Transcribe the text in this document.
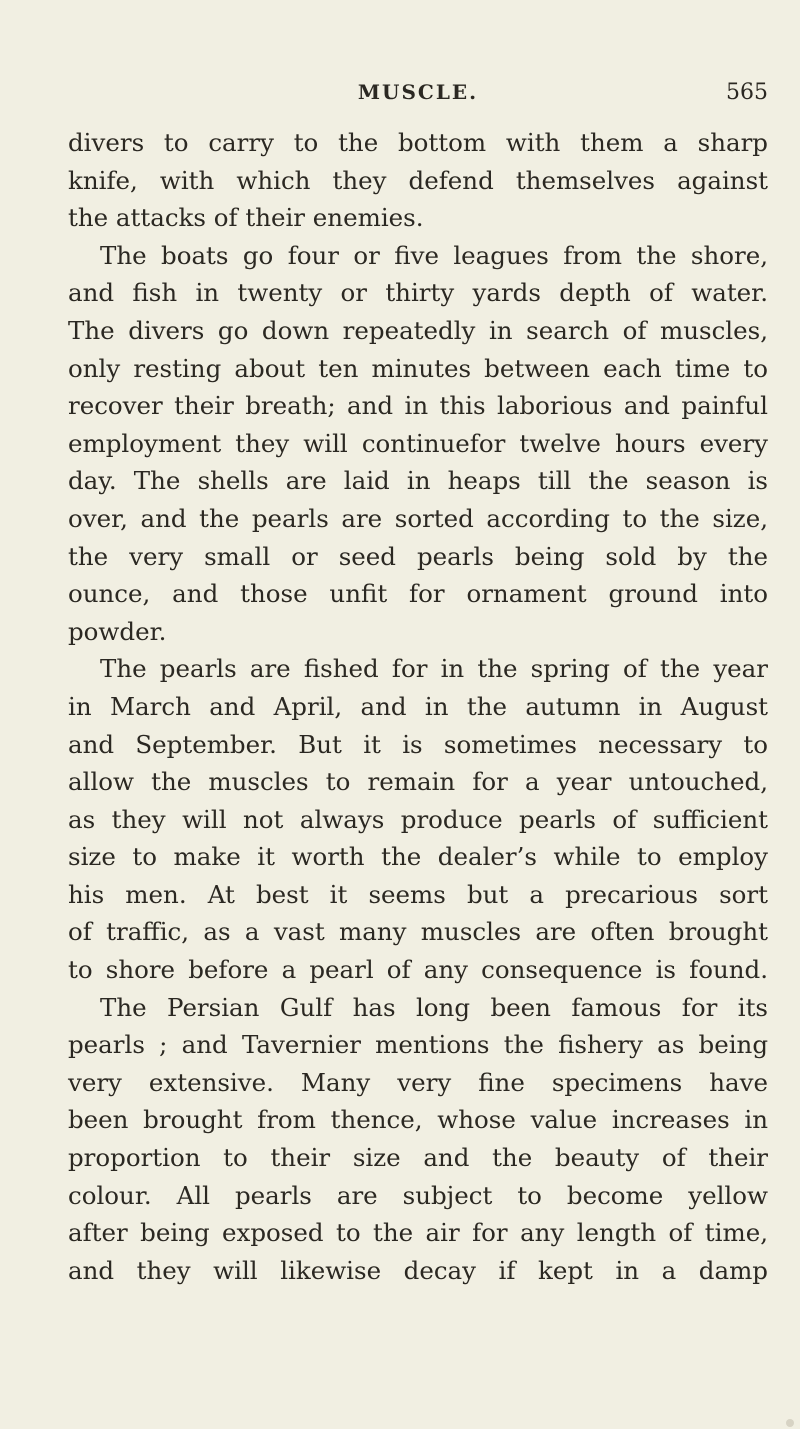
MUSCLE.	565
divers to carry to the bottom with them a sharp
knife, with which they defend themselves against
the attacks of their enemies.
The boats go four or five leagues from the shore,
and fish in twenty or thirty yards depth of water.
The divers go down repeatedly in search of muscles,
only resting about ten minutes between each time to
recover their breath; and in this laborious and painful
employment they will continuefor twelve hours every
day. The shells are laid in heaps till the season is
over, and the pearls are sorted according to the size,
the very small or seed pearls being sold by the
ounce, and those unfit for ornament ground into
powder.
The pearls are fished for in the spring of the year
in March and April, and in the autumn in August
and September. But it is sometimes necessary to
allow the muscles to remain for a year untouched,
as they will not always produce pearls of sufficient
size to make it worth the dealer’s while to employ
his men. At best it seems but a precarious sort
of traffic, as a vast many muscles are often brought
to shore before a pearl of any consequence is found.
The Persian Gulf has long been famous for its
pearls ; and Tavernier mentions the fishery as being
very extensive. Many very fine specimens have
been brought from thence, whose value increases in
proportion to their size and the beauty of their
colour. All pearls are subject to become yellow
after being exposed to the air for any length of time,
and they will likewise decay if kept in a damp
